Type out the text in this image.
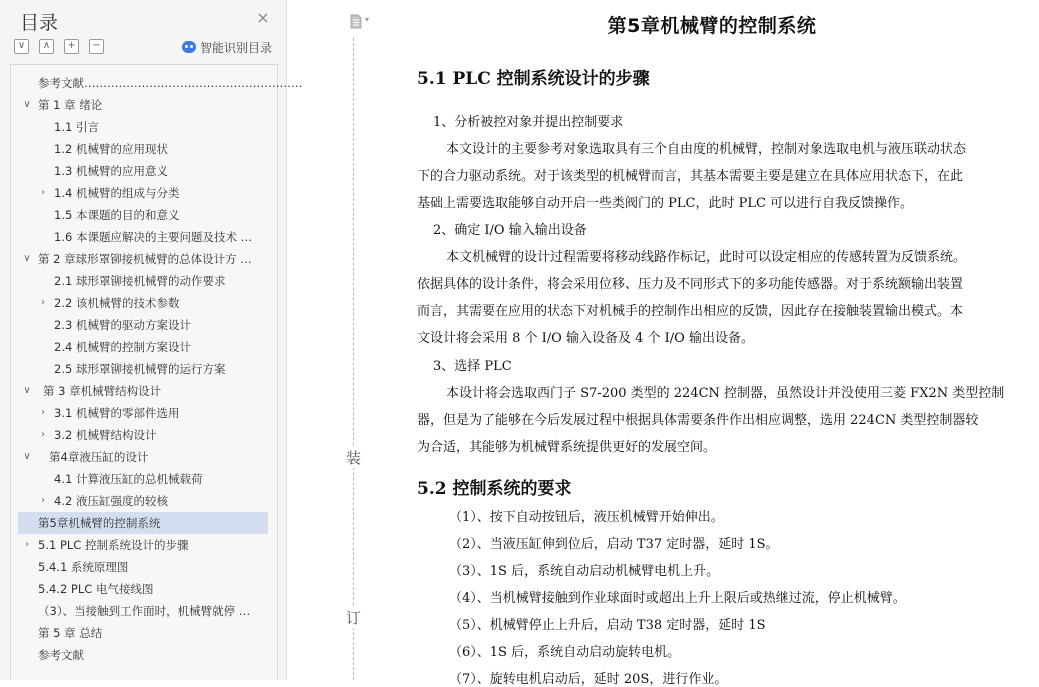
目录	×
∨	∧	+	−	智能识别目录
参考文献…………………………………………………
∨ 第 1 章 绪论
1.1 引言
1.2 机械臂的应用现状
1.3 机械臂的应用意义
› 1.4 机械臂的组成与分类
1.5 本课题的目的和意义
1.6 本课题应解决的主要问题及技术 …
∨ 第 2 章球形罩铆接机械臂的总体设计方 …
2.1 球形罩铆接机械臂的动作要求
› 2.2 该机械臂的技术参数
2.3 机械臂的驱动方案设计
2.4 机械臂的控制方案设计
2.5 球形罩铆接机械臂的运行方案
∨ 第 3 章机械臂结构设计
› 3.1 机械臂的零部件选用
› 3.2 机械臂结构设计
∨ 第4章液压缸的设计
4.1 计算液压缸的总机械载荷
› 4.2 液压缸强度的较核
第5章机械臂的控制系统
› 5.1 PLC 控制系统设计的步骤
5.4.1 系统原理图
5.4.2 PLC 电气接线图
（3）、当接触到工作面时，机械臂就停 …
第 5 章 总结
参考文献
▾
装
订
第5章机械臂的控制系统
5.1 PLC 控制系统设计的步骤
1、分析被控对象并提出控制要求
本文设计的主要参考对象选取具有三个自由度的机械臂，控制对象选取电机与液压联动状态
下的合力驱动系统。对于该类型的机械臂而言，其基本需要主要是建立在具体应用状态下，在此
基础上需要选取能够自动开启一些类阀门的 PLC，此时 PLC 可以进行自我反馈操作。
2、确定 I/O 输入输出设备
本文机械臂的设计过程需要将移动线路作标记，此时可以设定相应的传感转置为反馈系统。
依据具体的设计条件，将会采用位移、压力及不同形式下的多功能传感器。对于系统额输出装置
而言，其需要在应用的状态下对机械手的控制作出相应的反馈，因此存在接触装置输出模式。本
文设计将会采用 8 个 I/O 输入设备及 4 个 I/O 输出设备。
3、选择 PLC
本设计将会选取西门子 S7-200 类型的 224CN 控制器，虽然设计并没使用三菱 FX2N 类型控制
器，但是为了能够在今后发展过程中根据具体需要条件作出相应调整，选用 224CN 类型控制器较
为合适，其能够为机械臂系统提供更好的发展空间。
5.2 控制系统的要求
（1）、按下自动按钮后，液压机械臂开始伸出。
（2）、当液压缸伸到位后，启动 T37 定时器，延时 1S。
（3）、1S 后，系统自动启动机械臂电机上升。
（4）、当机械臂接触到作业球面时或超出上升上限后或热继过流，停止机械臂。
（5）、机械臂停止上升后，启动 T38 定时器，延时 1S
（6）、1S 后，系统自动启动旋转电机。
（7）、旋转电机启动后，延时 20S，进行作业。
